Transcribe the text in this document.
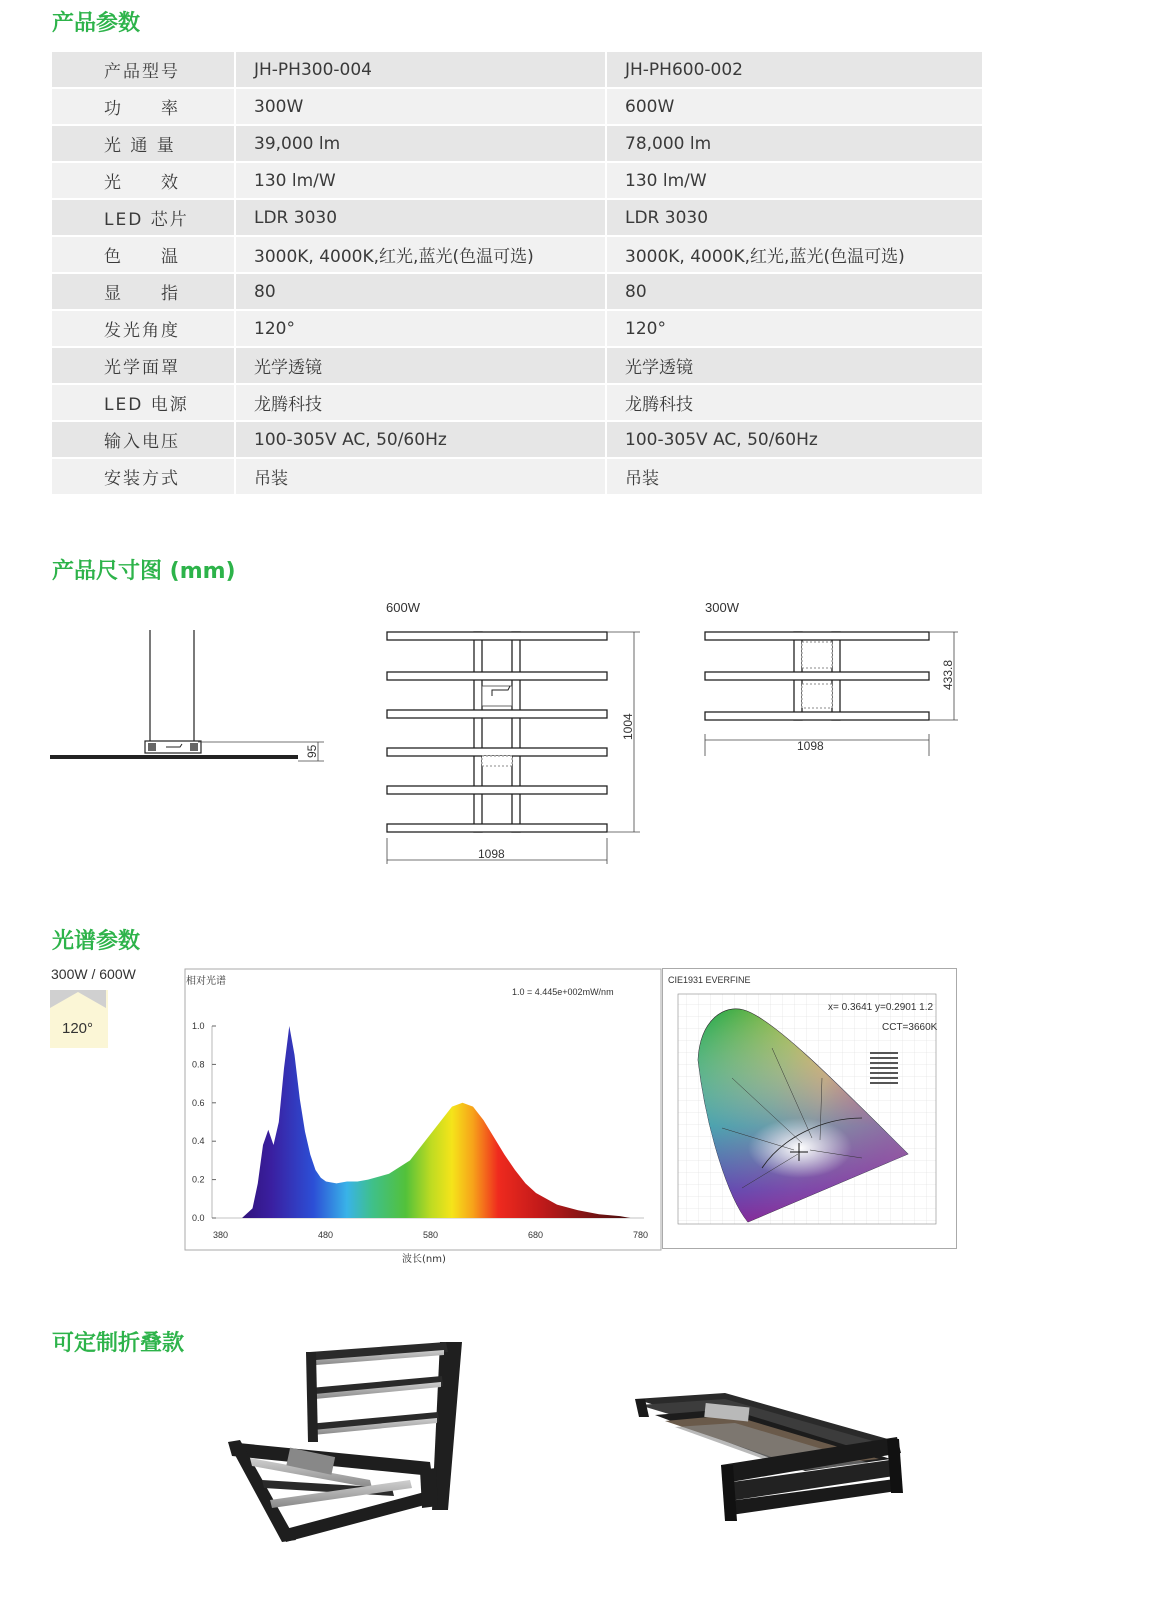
产品参数
产品型号	JH-PH300-004	JH-PH600-002
功　　率	300W	600W
光 通 量	39,000 lm	78,000 lm
光　　效	130 lm/W	130 lm/W
LED 芯片	LDR 3030	LDR 3030
色　　温	3000K, 4000K,红光,蓝光(色温可选)	3000K, 4000K,红光,蓝光(色温可选)
显　　指	80	80
发光角度	120°	120°
光学面罩	光学透镜	光学透镜
LED 电源	龙腾科技	龙腾科技
输入电压	100-305V AC, 50/60Hz	100-305V AC, 50/60Hz
安装方式	吊装	吊装
产品尺寸图 (mm)
95
600W
1004
1098
300W
433.8
1098
光谱参数
300W / 600W
120°
相对光谱
1.0 = 4.445e+002mW/nm
380	480	580	680	780
0.0
0.2
0.4
0.6
0.8
1.0
波长(nm)
CIE1931 EVERFINE
x= 0.3641 y=0.2901 1.2
CCT=3660K
可定制折叠款
